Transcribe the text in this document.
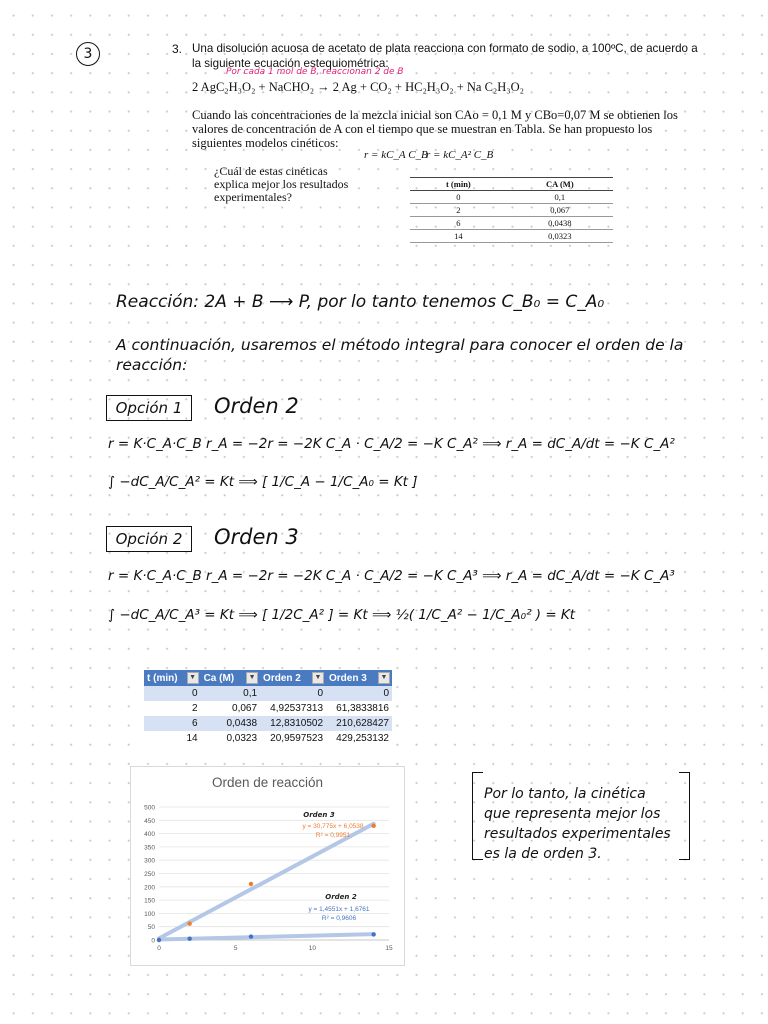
3	3. Una disolución acuosa de acetato de plata reacciona con formato de sodio, a 100ºC, de acuerdo a
la siguiente ecuación estequiométrica:
Por cada 1 mol de B, reaccionan 2 de B
2 AgC₂H₃O₂ + NaCHO₂ → 2 Ag + CO₂ + HC₂H₃O₂ + Na C₂H₃O₂
Cuando las concentraciones de la mezcla inicial son CAo = 0,1 M y CBo=0,07 M se obtienen los
valores de concentración de A con el tiempo que se muestran en Tabla. Se han propuesto los
siguientes modelos cinéticos:
r = kC_A C_B
r = kC_A² C_B
¿Cuál de estas cinéticas
explica mejor los resultados
experimentales?
t (min)	CA (M)
0	0,1
2	0,067
6	0,0438
14	0,0323
Reacción: 2A + B ⟶ P, por lo tanto tenemos C_B₀ = C_A₀
A continuación, usaremos el método integral para conocer el orden de la
reacción:
Opción 1	Orden 2
r = K·C_A·C_B r_A = −2r = −2K C_A · C_A/2 = −K C_A² ⟹ r_A = dC_A/dt = −K C_A²
∫ −dC_A/C_A² = Kt ⟹ [ 1/C_A − 1/C_A₀ = Kt ]
Opción 2	Orden 3
r = K·C_A·C_B r_A = −2r = −2K C_A · C_A/2 = −K C_A³ ⟹ r_A = dC_A/dt = −K C_A³
∫ −dC_A/C_A³ = Kt ⟹ [ 1/2C_A² ] = Kt ⟹ ½( 1/C_A² − 1/C_A₀² ) = Kt
t (min) ▼	Ca (M) ▼	Orden 2 ▼	Orden 3 ▼

0	0,1	0	0
2	0,067	4,92537313	61,3833816
6	0,0438	12,8310502	210,628427
14	0,0323	20,9597523	429,253132
Orden de reacción
0
50
100
150
200
250
300
350
400
450
500
0	5	10	15
Orden 3
y = 30,775x + 6,0538
R² = 0,9951
Orden 2
y = 1,4551x + 1,6761
R² = 0,9606
Por lo tanto, la cinética
que representa mejor los
resultados experimentales
es la de orden 3.
